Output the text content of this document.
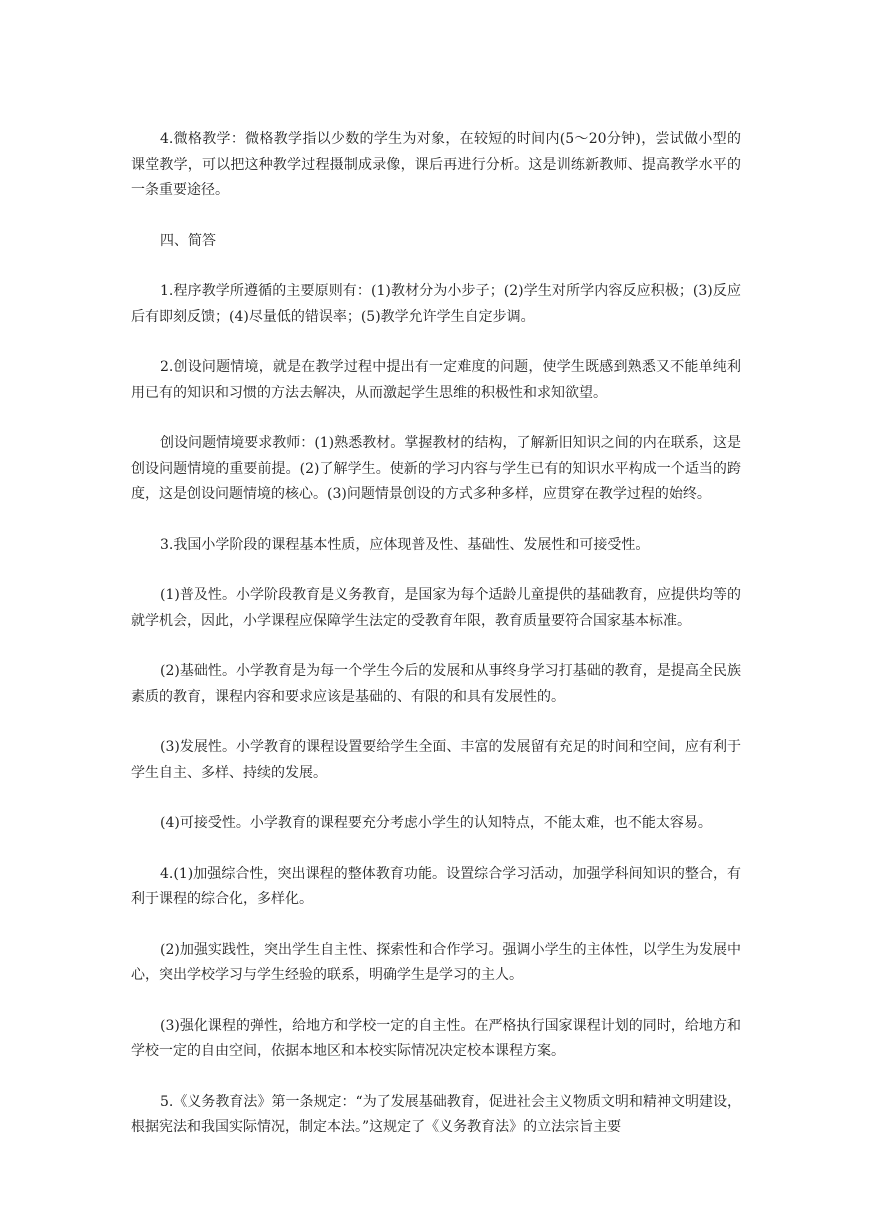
4.微格教学：微格教学指以少数的学生为对象，在较短的时间内(5～20分钟)，尝试做小型的课堂教学，可以把这种教学过程摄制成录像，课后再进行分析。这是训练新教师、提高教学水平的一条重要途径。

四、简答

1.程序教学所遵循的主要原则有：(1)教材分为小步子；(2)学生对所学内容反应积极；(3)反应后有即刻反馈；(4)尽量低的错误率；(5)教学允许学生自定步调。

2.创设问题情境，就是在教学过程中提出有一定难度的问题，使学生既感到熟悉又不能单纯利用已有的知识和习惯的方法去解决，从而激起学生思维的积极性和求知欲望。

创设问题情境要求教师：(1)熟悉教材。掌握教材的结构，了解新旧知识之间的内在联系，这是创设问题情境的重要前提。(2)了解学生。使新的学习内容与学生已有的知识水平构成一个适当的跨度，这是创设问题情境的核心。(3)问题情景创设的方式多种多样，应贯穿在教学过程的始终。

3.我国小学阶段的课程基本性质，应体现普及性、基础性、发展性和可接受性。

(1)普及性。小学阶段教育是义务教育，是国家为每个适龄儿童提供的基础教育，应提供均等的就学机会，因此，小学课程应保障学生法定的受教育年限，教育质量要符合国家基本标准。

(2)基础性。小学教育是为每一个学生今后的发展和从事终身学习打基础的教育，是提高全民族素质的教育，课程内容和要求应该是基础的、有限的和具有发展性的。

(3)发展性。小学教育的课程设置要给学生全面、丰富的发展留有充足的时间和空间，应有利于学生自主、多样、持续的发展。

(4)可接受性。小学教育的课程要充分考虑小学生的认知特点，不能太难，也不能太容易。

4.(1)加强综合性，突出课程的整体教育功能。设置综合学习活动，加强学科间知识的整合，有利于课程的综合化，多样化。

(2)加强实践性，突出学生自主性、探索性和合作学习。强调小学生的主体性，以学生为发展中心，突出学校学习与学生经验的联系，明确学生是学习的主人。

(3)强化课程的弹性，给地方和学校一定的自主性。在严格执行国家课程计划的同时，给地方和学校一定的自由空间，依据本地区和本校实际情况决定校本课程方案。

5.《义务教育法》第一条规定：“为了发展基础教育，促进社会主义物质文明和精神文明建设，根据宪法和我国实际情况，制定本法。”这规定了《义务教育法》的立法宗旨主要
